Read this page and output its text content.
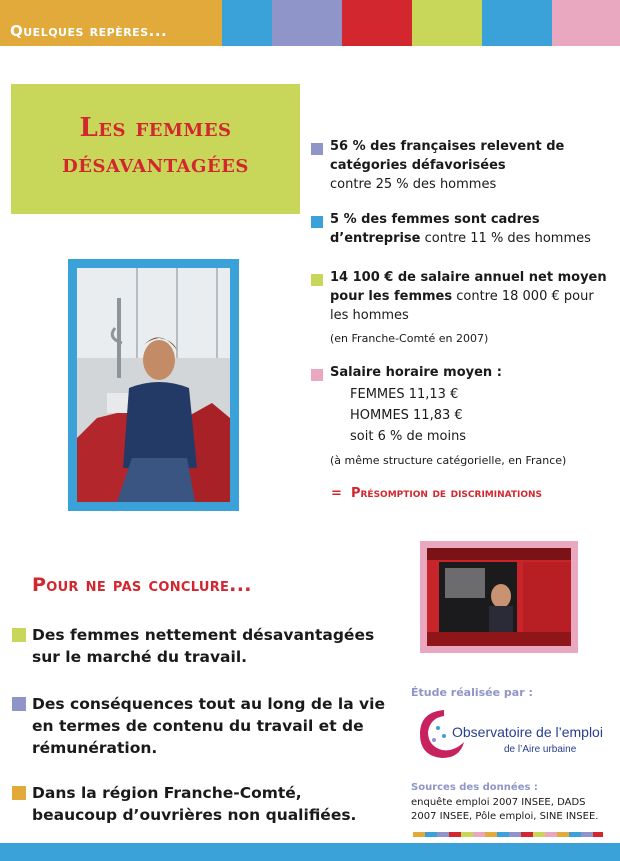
Quelques repères...
Les femmes
désavantagées
56 % des françaises relevent de catégories défavorisées
contre 25 % des hommes
5 % des femmes sont cadres d’entreprise contre 11 % des hommes
14 100 € de salaire annuel net moyen pour les femmes contre 18 000 € pour les hommes
(en Franche-Comté en 2007)
Salaire horaire moyen :
FEMMES 11,13 €
HOMMES 11,83 €
soit 6 % de moins
(à même structure catégorielle, en France)
= Présomption de discriminations
Pour ne pas conclure...
Des femmes nettement désavantagées sur le marché du travail.
Des conséquences tout au long de la vie en termes de contenu du travail et de rémunération.
Dans la région Franche-Comté, beaucoup d’ouvrières non qualifiées.
Étude réalisée par :
Observatoire de l’emploi
de l’Aire urbaine
Sources des données :
enquête emploi 2007 INSEE, DADS 2007 INSEE, Pôle emploi, SINE INSEE.
